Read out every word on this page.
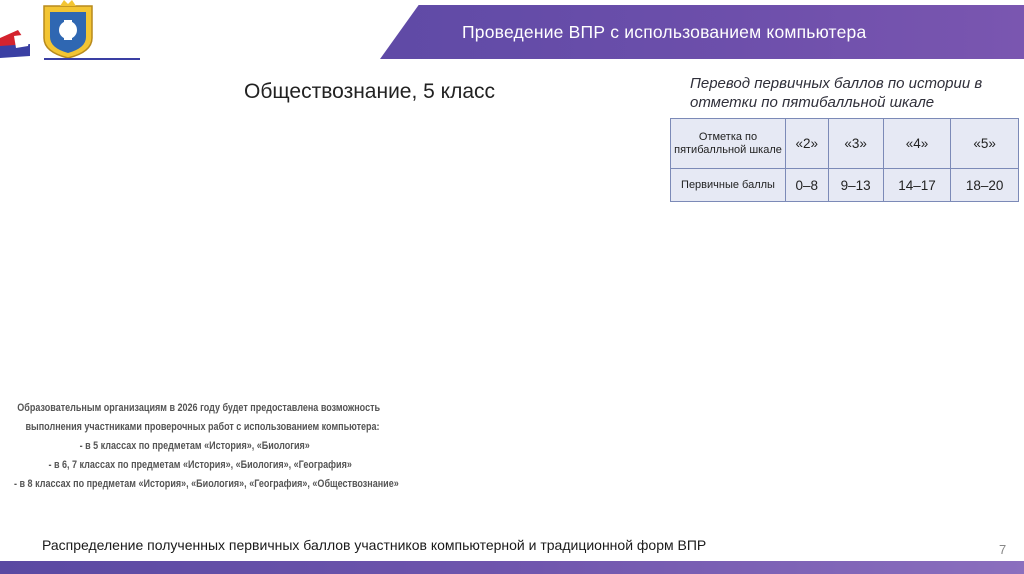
Проведение ВПР с использованием компьютера
Обществознание, 5 класс	Перевод первичных баллов по истории в отметки по пятибалльной шкале
Отметка по пятибалльной шкале	«2»	«3»	«4»	«5»
Первичные баллы	0–8	9–13	14–17	18–20

Образовательным организациям в 2026 году будет предоставлена возможность

выполнения участниками проверочных работ с использованием компьютера:

- в 5 классах по предметам «История», «Биология»

- в 6, 7 классах по предметам «История», «Биология», «География»

- в 8 классах по предметам «История», «Биология», «География», «Обществознание»

Распределение полученных первичных баллов участников компьютерной и традиционной форм ВПР	7
